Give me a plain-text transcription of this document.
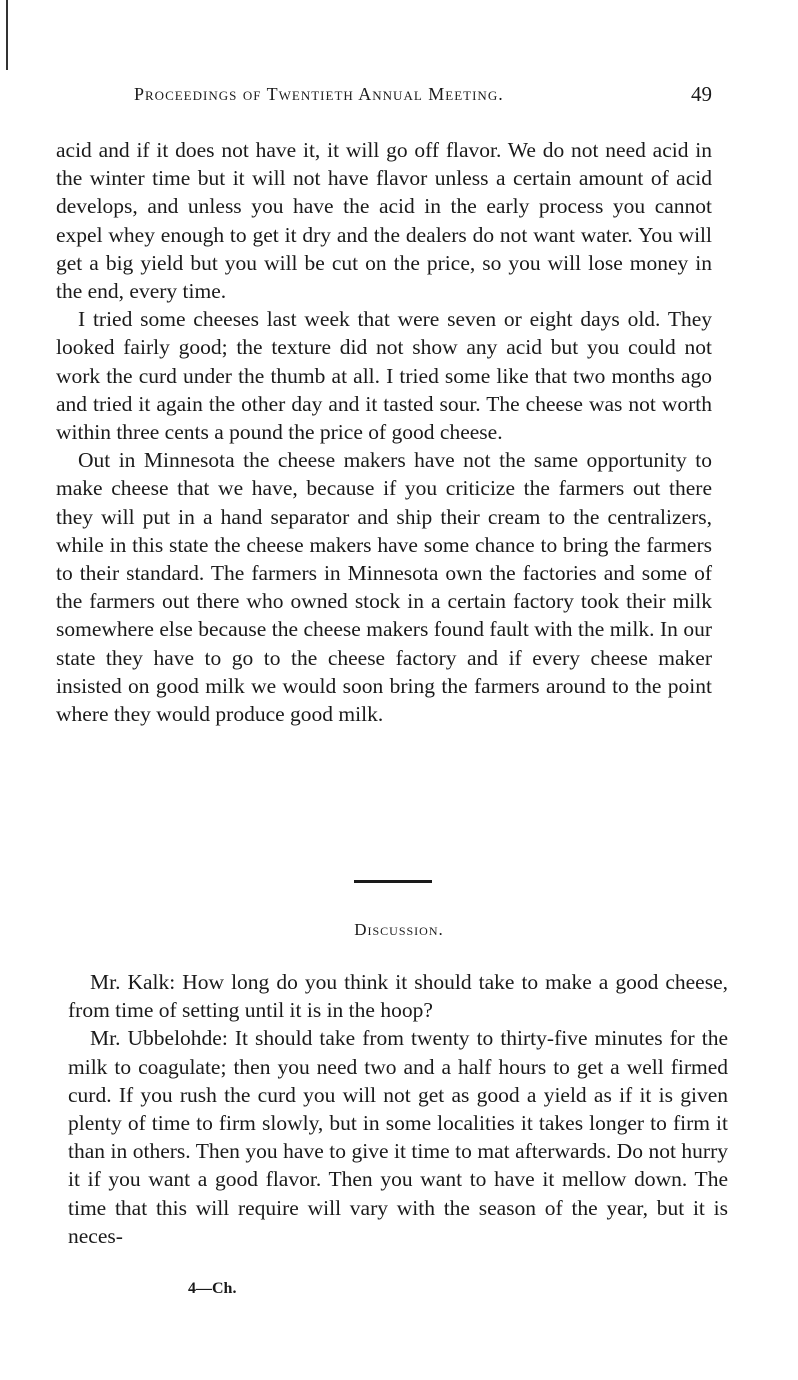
Proceedings of Twentieth Annual Meeting.	49

acid and if it does not have it, it will go off flavor. We do not need acid in the winter time but it will not have flavor unless a certain amount of acid develops, and unless you have the acid in the early process you cannot expel whey enough to get it dry and the dealers do not want water. You will get a big yield but you will be cut on the price, so you will lose money in the end, every time.

I tried some cheeses last week that were seven or eight days old. They looked fairly good; the texture did not show any acid but you could not work the curd under the thumb at all. I tried some like that two months ago and tried it again the other day and it tasted sour. The cheese was not worth within three cents a pound the price of good cheese.

Out in Minnesota the cheese makers have not the same opportunity to make cheese that we have, because if you criticize the farmers out there they will put in a hand separator and ship their cream to the centralizers, while in this state the cheese makers have some chance to bring the farmers to their standard. The farmers in Minnesota own the factories and some of the farmers out there who owned stock in a certain factory took their milk somewhere else because the cheese makers found fault with the milk. In our state they have to go to the cheese factory and if every cheese maker insisted on good milk we would soon bring the farmers around to the point where they would produce good milk.

Discussion.

Mr. Kalk: How long do you think it should take to make a good cheese, from time of setting until it is in the hoop?

Mr. Ubbelohde: It should take from twenty to thirty-five minutes for the milk to coagulate; then you need two and a half hours to get a well firmed curd. If you rush the curd you will not get as good a yield as if it is given plenty of time to firm slowly, but in some localities it takes longer to firm it than in others. Then you have to give it time to mat afterwards. Do not hurry it if you want a good flavor. Then you want to have it mellow down. The time that this will require will vary with the season of the year, but it is neces-

4—Ch.
